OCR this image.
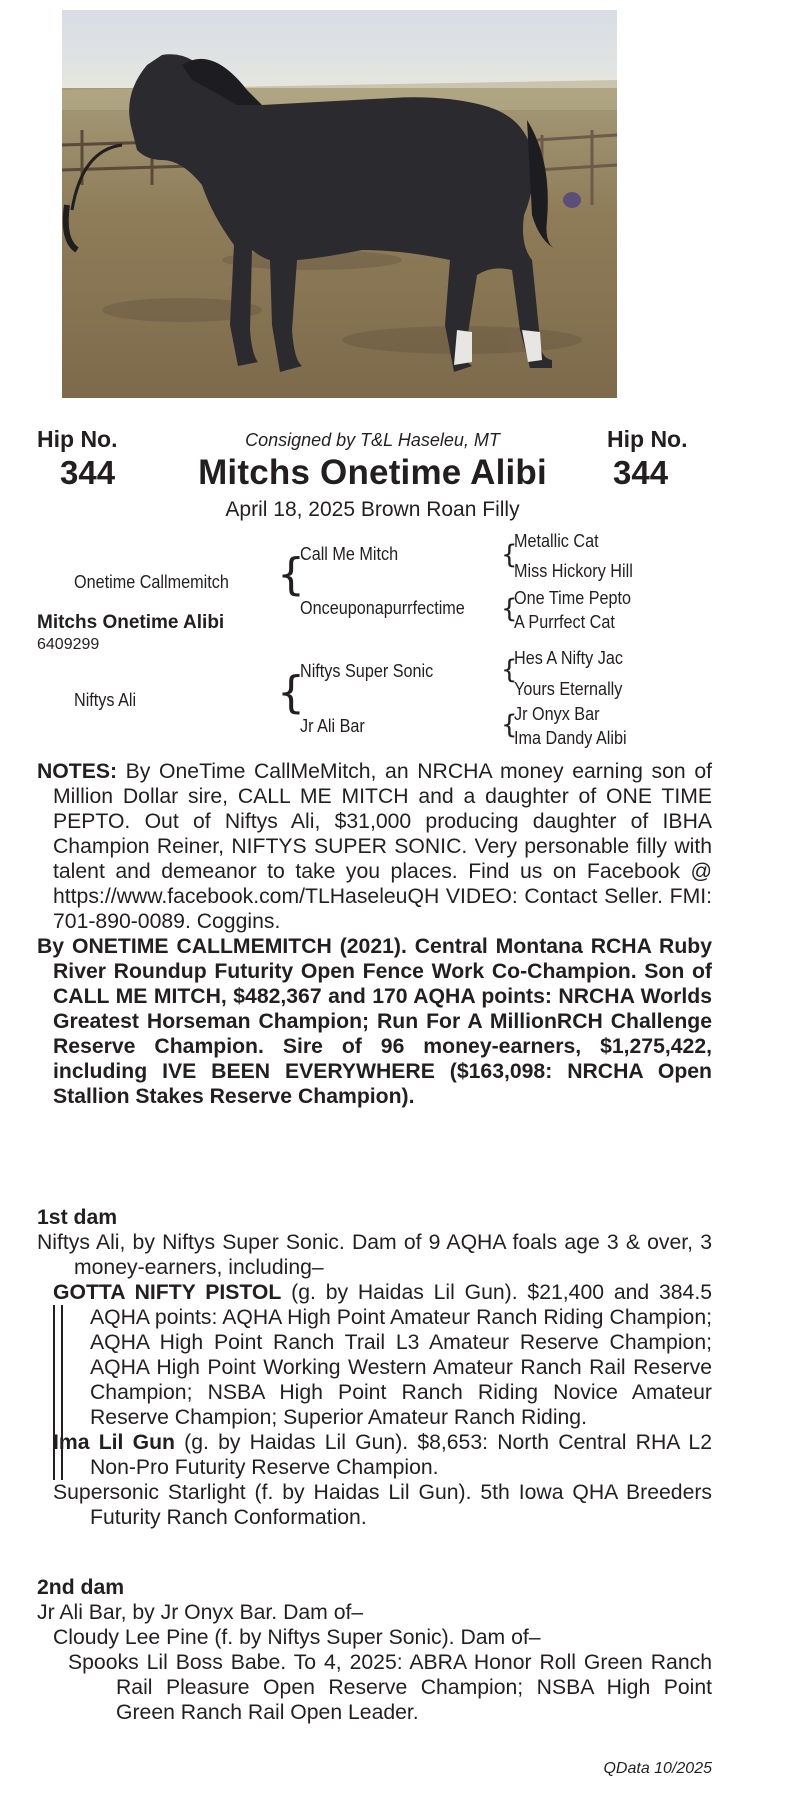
Hip No.
344
Hip No.
344
Consigned by T&L Haseleu, MT
Mitchs Onetime Alibi
April 18, 2025 Brown Roan Filly
Onetime Callmemitch
Mitchs Onetime Alibi
6409299
Niftys Ali
{
{
Call Me Mitch
Onceuponapurrfectime
Niftys Super Sonic
Jr Ali Bar
{
{
{
{
Metallic Cat
Miss Hickory Hill
One Time Pepto
A Purrfect Cat
Hes A Nifty Jac
Yours Eternally
Jr Onyx Bar
Ima Dandy Alibi

NOTES: By OneTime CallMeMitch, an NRCHA money earning son of Million Dollar sire, CALL ME MITCH and a daughter of ONE TIME PEPTO. Out of Niftys Ali, $31,000 producing daughter of IBHA Champion Reiner, NIFTYS SUPER SONIC. Very personable filly with talent and demeanor to take you places. Find us on Facebook @ https://www.facebook.com/TLHaseleuQH VIDEO: Contact Seller. FMI: 701-890-0089. Coggins.

By ONETIME CALLMEMITCH (2021). Central Montana RCHA Ruby River Roundup Futurity Open Fence Work Co-Champion. Son of CALL ME MITCH, $482,367 and 170 AQHA points: NRCHA Worlds Greatest Horseman Champion; Run For A MillionRCH Challenge Reserve Champion. Sire of 96 money-earners, $1,275,422, including IVE BEEN EVERYWHERE ($163,098: NRCHA Open Stallion Stakes Reserve Champion).

1st dam

Niftys Ali, by Niftys Super Sonic. Dam of 9 AQHA foals age 3 & over, 3 money-earners, including–

GOTTA NIFTY PISTOL (g. by Haidas Lil Gun). $21,400 and 384.5 AQHA points: AQHA High Point Amateur Ranch Riding Champion; AQHA High Point Ranch Trail L3 Amateur Reserve Champion; AQHA High Point Working Western Amateur Ranch Rail Reserve Champion; NSBA High Point Ranch Riding Novice Amateur Reserve Champion; Superior Amateur Ranch Riding.

Ima Lil Gun (g. by Haidas Lil Gun). $8,653: North Central RHA L2 Non-Pro Futurity Reserve Champion.

Supersonic Starlight (f. by Haidas Lil Gun). 5th Iowa QHA Breeders Futurity Ranch Conformation.

2nd dam

Jr Ali Bar, by Jr Onyx Bar. Dam of–

Cloudy Lee Pine (f. by Niftys Super Sonic). Dam of–

Spooks Lil Boss Babe. To 4, 2025: ABRA Honor Roll Green Ranch Rail Pleasure Open Reserve Champion; NSBA High Point Green Ranch Rail Open Leader.

QData 10/2025
